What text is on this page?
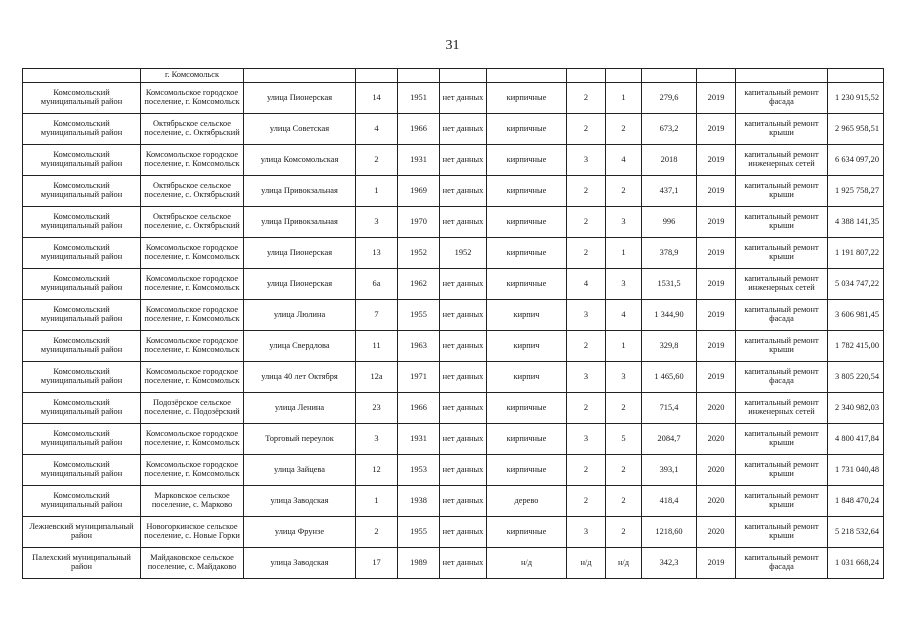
31
	г. Комсомольск											
Комсомольский муниципальный район	Комсомольское городское поселение, г. Комсомольск	улица Пионерская	14	1951	нет данных	кирпичные	2	1	279,6	2019	капитальный ремонт фасада	1 230 915,52
Комсомольский муниципальный район	Октябрьское сельское поселение, с. Октябрьский	улица Советская	4	1966	нет данных	кирпичные	2	2	673,2	2019	капитальный ремонт крыши	2 965 958,51
Комсомольский муниципальный район	Комсомольское городское поселение, г. Комсомольск	улица Комсомольская	2	1931	нет данных	кирпичные	3	4	2018	2019	капитальный ремонт инженерных сетей	6 634 097,20
Комсомольский муниципальный район	Октябрьское сельское поселение, с. Октябрьский	улица Привокзальная	1	1969	нет данных	кирпичные	2	2	437,1	2019	капитальный ремонт крыши	1 925 758,27
Комсомольский муниципальный район	Октябрьское сельское поселение, с. Октябрьский	улица Привокзальная	3	1970	нет данных	кирпичные	2	3	996	2019	капитальный ремонт крыши	4 388 141,35
Комсомольский муниципальный район	Комсомольское городское поселение, г. Комсомольск	улица Пионерская	13	1952	1952	кирпичные	2	1	378,9	2019	капитальный ремонт крыши	1 191 807,22
Комсомольский муниципальный район	Комсомольское городское поселение, г. Комсомольск	улица Пионерская	6а	1962	нет данных	кирпичные	4	3	1531,5	2019	капитальный ремонт инженерных сетей	5 034 747,22
Комсомольский муниципальный район	Комсомольское городское поселение, г. Комсомольск	улица Люлина	7	1955	нет данных	кирпич	3	4	1 344,90	2019	капитальный ремонт фасада	3 606 981,45
Комсомольский муниципальный район	Комсомольское городское поселение, г. Комсомольск	улица Свердлова	11	1963	нет данных	кирпич	2	1	329,8	2019	капитальный ремонт крыши	1 782 415,00
Комсомольский муниципальный район	Комсомольское городское поселение, г. Комсомольск	улица 40 лет Октября	12а	1971	нет данных	кирпич	3	3	1 465,60	2019	капитальный ремонт фасада	3 805 220,54
Комсомольский муниципальный район	Подозёрское сельское поселение, с. Подозёрский	улица Ленина	23	1966	нет данных	кирпичные	2	2	715,4	2020	капитальный ремонт инженерных сетей	2 340 982,03
Комсомольский муниципальный район	Комсомольское городское поселение, г. Комсомольск	Торговый переулок	3	1931	нет данных	кирпичные	3	5	2084,7	2020	капитальный ремонт крыши	4 800 417,84
Комсомольский муниципальный район	Комсомольское городское поселение, г. Комсомольск	улица Зайцева	12	1953	нет данных	кирпичные	2	2	393,1	2020	капитальный ремонт крыши	1 731 040,48
Комсомольский муниципальный район	Марковское сельское поселение, с. Марково	улица Заводская	1	1938	нет данных	дерево	2	2	418,4	2020	капитальный ремонт крыши	1 848 470,24
Лежневский муниципальный район	Новогоркинское сельское поселение, с. Новые Горки	улица Фрунзе	2	1955	нет данных	кирпичные	3	2	1218,60	2020	капитальный ремонт крыши	5 218 532,64
Палехский муниципальный район	Майдаковское сельское поселение, с. Майдаково	улица Заводская	17	1989	нет данных	н/д	н/д	н/д	342,3	2019	капитальный ремонт фасада	1 031 668,24
